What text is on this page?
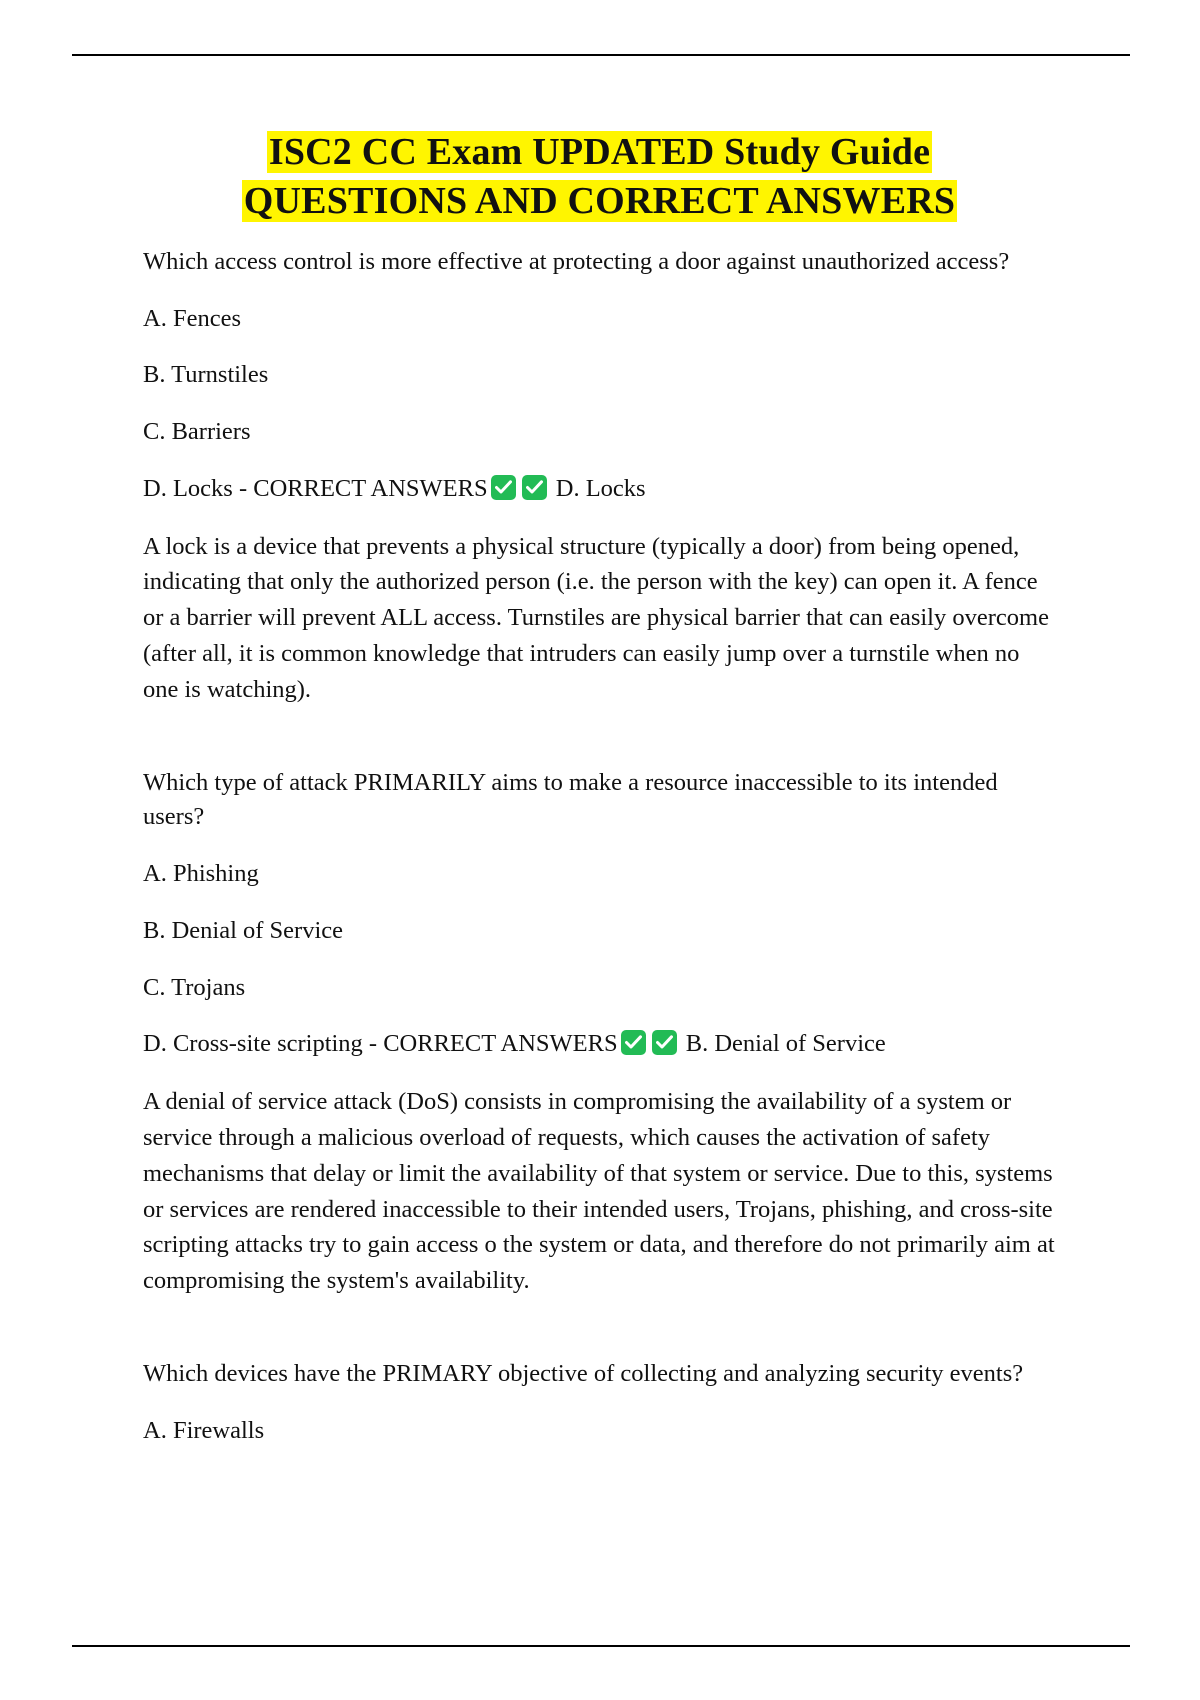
ISC2 CC Exam UPDATED Study Guide
QUESTIONS AND CORRECT ANSWERS

Which access control is more effective at protecting a door against unauthorized access?

A. Fences

B. Turnstiles

C. Barriers

D. Locks - CORRECT ANSWERS	D. Locks

A lock is a device that prevents a physical structure (typically a door) from being opened, indicating that only the authorized person (i.e. the person with the key) can open it. A fence or a barrier will prevent ALL access. Turnstiles are physical barrier that can easily overcome (after all, it is common knowledge that intruders can easily jump over a turnstile when no one is watching).

Which type of attack PRIMARILY aims to make a resource inaccessible to its intended users?

A. Phishing

B. Denial of Service

C. Trojans

D. Cross-site scripting - CORRECT ANSWERS	B. Denial of Service

A denial of service attack (DoS) consists in compromising the availability of a system or service through a malicious overload of requests, which causes the activation of safety mechanisms that delay or limit the availability of that system or service. Due to this, systems or services are rendered inaccessible to their intended users, Trojans, phishing, and cross-site scripting attacks try to gain access o the system or data, and therefore do not primarily aim at compromising the system's availability.

Which devices have the PRIMARY objective of collecting and analyzing security events?

A. Firewalls
